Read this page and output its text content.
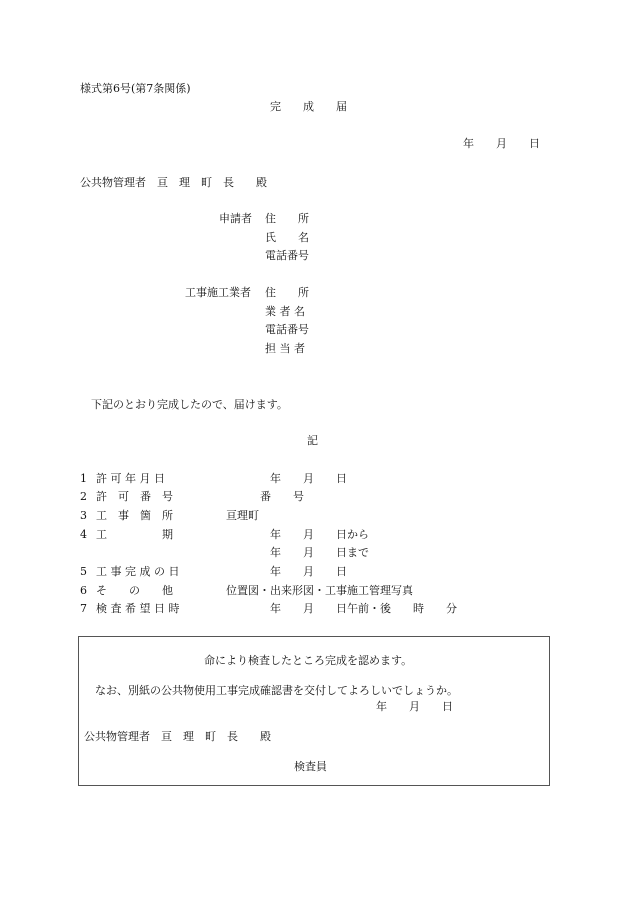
様式第6号(第7条関係)
完　　成　　届
年　　月　　日
公共物管理者　亘　理　町　長　　殿
申請者 住　　所
氏　　名
電話番号
工事施工業者 住　　所
業 者 名
電話番号
担 当 者
下記のとおり完成したので、届けます。
記
1 許 可 年 月 日	年　　月　　日
2 許　可　番　号	番　　号
3 工　事　箇　所	亘理町
4 工　　　　　期	年　　月　　日から
年　　月　　日まで
5 工 事 完 成 の 日	年　　月　　日
6 そ　　の　　他	位置図・出来形図・工事施工管理写真
7 検 査 希 望 日 時	年　　月　　日午前・後　　時　　分
命により検査したところ完成を認めます。
なお、別紙の公共物使用工事完成確認書を交付してよろしいでしょうか。
年　　月　　日
公共物管理者　亘　理　町　長　　殿
検査員
